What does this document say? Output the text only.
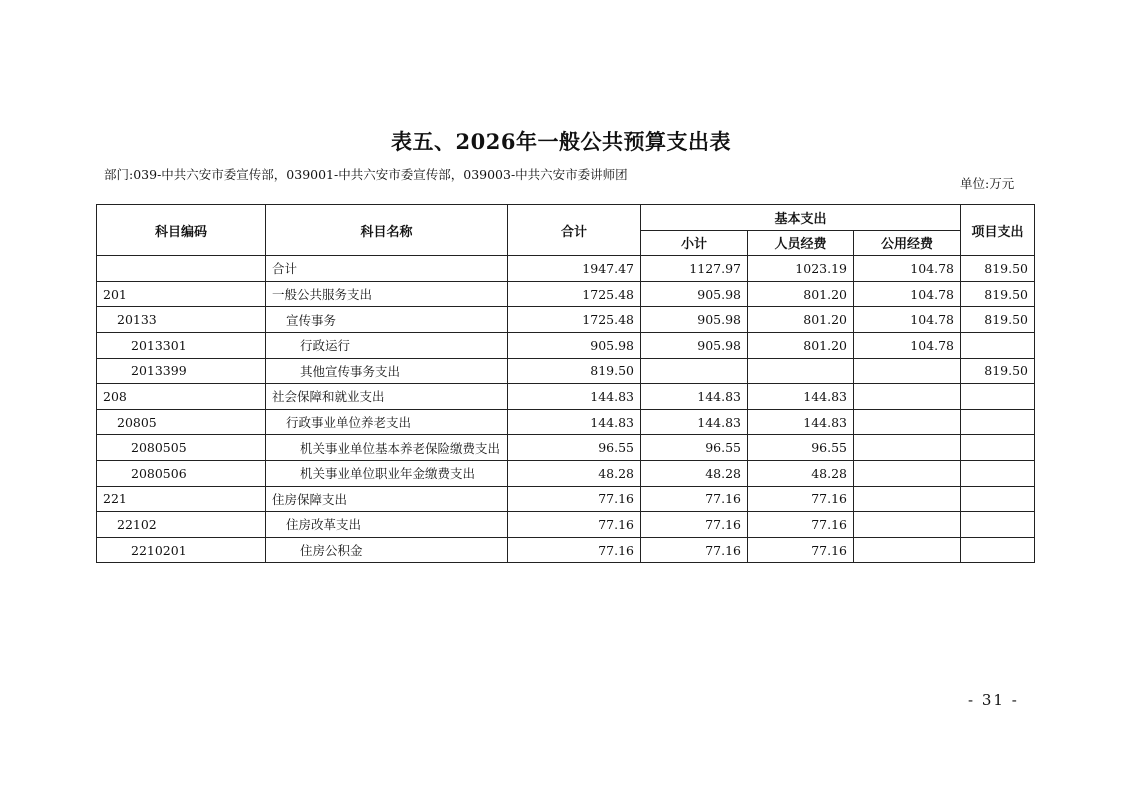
表五、2026年一般公共预算支出表
部门:039-中共六安市委宣传部，039001-中共六安市委宣传部，039003-中共六安市委讲师团
单位:万元
科目编码	科目名称	合计	基本支出			项目支出
			小计	人员经费	公用经费	
	合计	1947.47	1127.97	1023.19	104.78	819.50
201	一般公共服务支出	1725.48	905.98	801.20	104.78	819.50
20133	宣传事务	1725.48	905.98	801.20	104.78	819.50
2013301	行政运行	905.98	905.98	801.20	104.78	
2013399	其他宣传事务支出	819.50				819.50
208	社会保障和就业支出	144.83	144.83	144.83		
20805	行政事业单位养老支出	144.83	144.83	144.83		
2080505	机关事业单位基本养老保险缴费支出	96.55	96.55	96.55		
2080506	机关事业单位职业年金缴费支出	48.28	48.28	48.28		
221	住房保障支出	77.16	77.16	77.16		
22102	住房改革支出	77.16	77.16	77.16		
2210201	住房公积金	77.16	77.16	77.16		
- 31 -
